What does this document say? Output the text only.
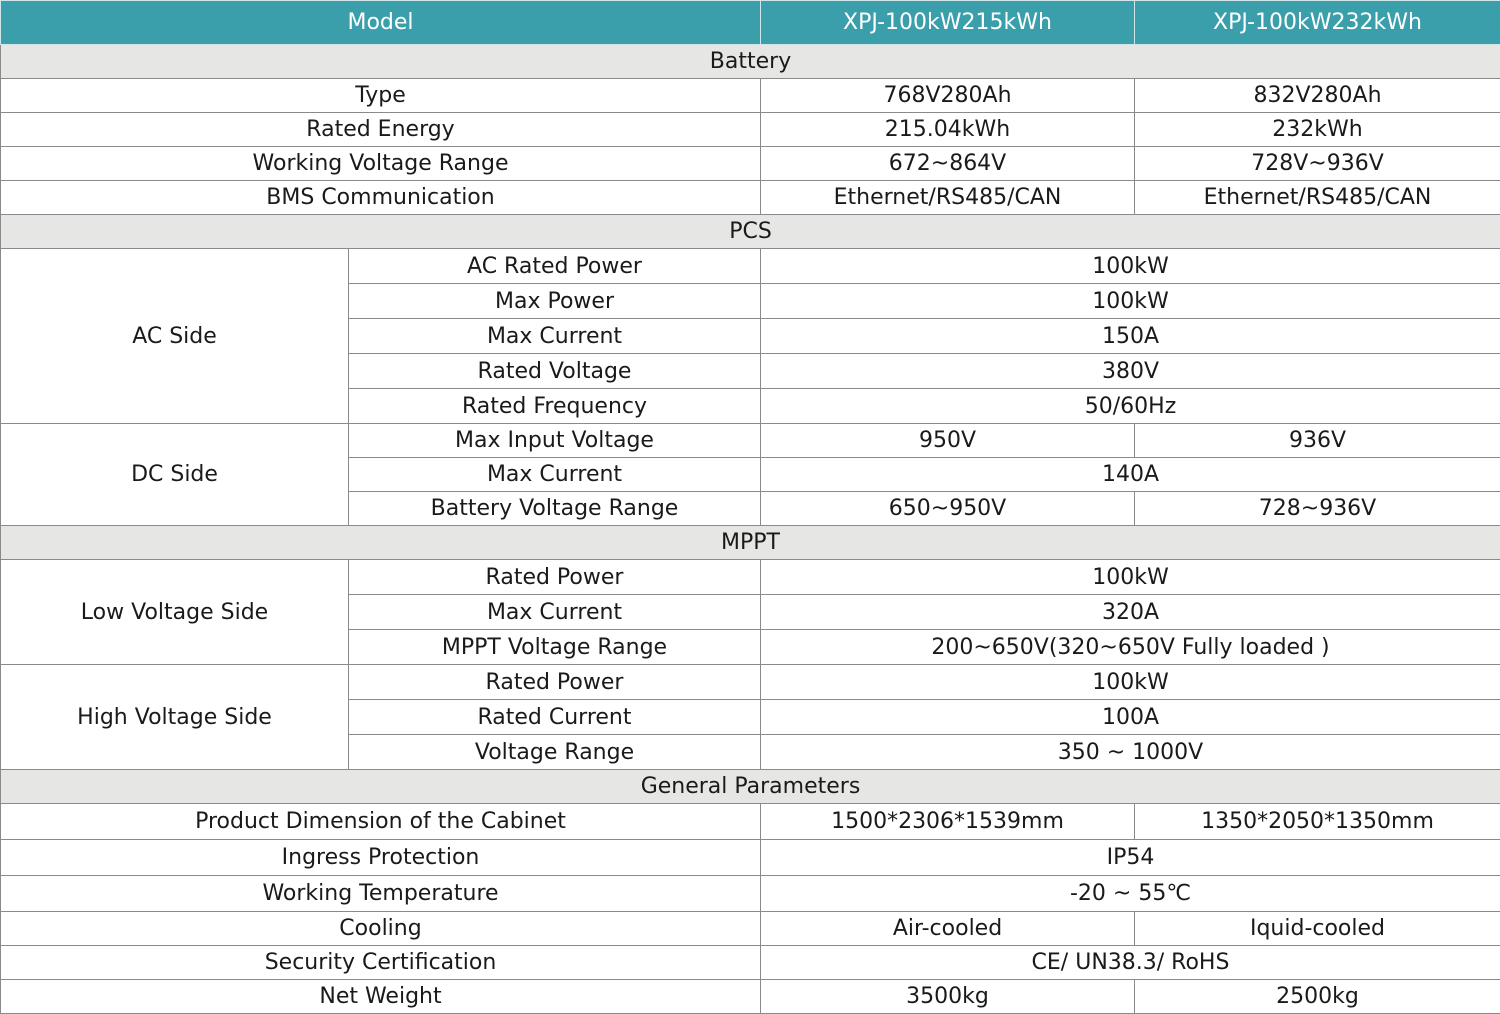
Model		XPJ-100kW215kWh	XPJ-100kW232kWh
Battery			
Type		768V280Ah	832V280Ah
Rated Energy		215.04kWh	232kWh
Working Voltage Range		672~864V	728V~936V
BMS Communication		Ethernet/RS485/CAN	Ethernet/RS485/CAN
PCS			
AC Side	AC Rated Power	100kW	
	Max Power	100kW	
	Max Current	150A	
	Rated Voltage	380V	
	Rated Frequency	50/60Hz	
DC Side	Max Input Voltage	950V	936V
	Max Current	140A	
	Battery Voltage Range	650~950V	728~936V
MPPT			
Low Voltage Side	Rated Power	100kW	
	Max Current	320A	
	MPPT Voltage Range	200~650V(320~650V Fully loaded )	
High Voltage Side	Rated Power	100kW	
	Rated Current	100A	
	Voltage Range	350 ~ 1000V	
General Parameters			
Product Dimension of the Cabinet		1500*2306*1539mm	1350*2050*1350mm
Ingress Protection		IP54	
Working Temperature		-20 ~ 55℃	
Cooling		Air-cooled	Iquid-cooled
Security Certification		CE/ UN38.3/ RoHS	
Net Weight		3500kg	2500kg
